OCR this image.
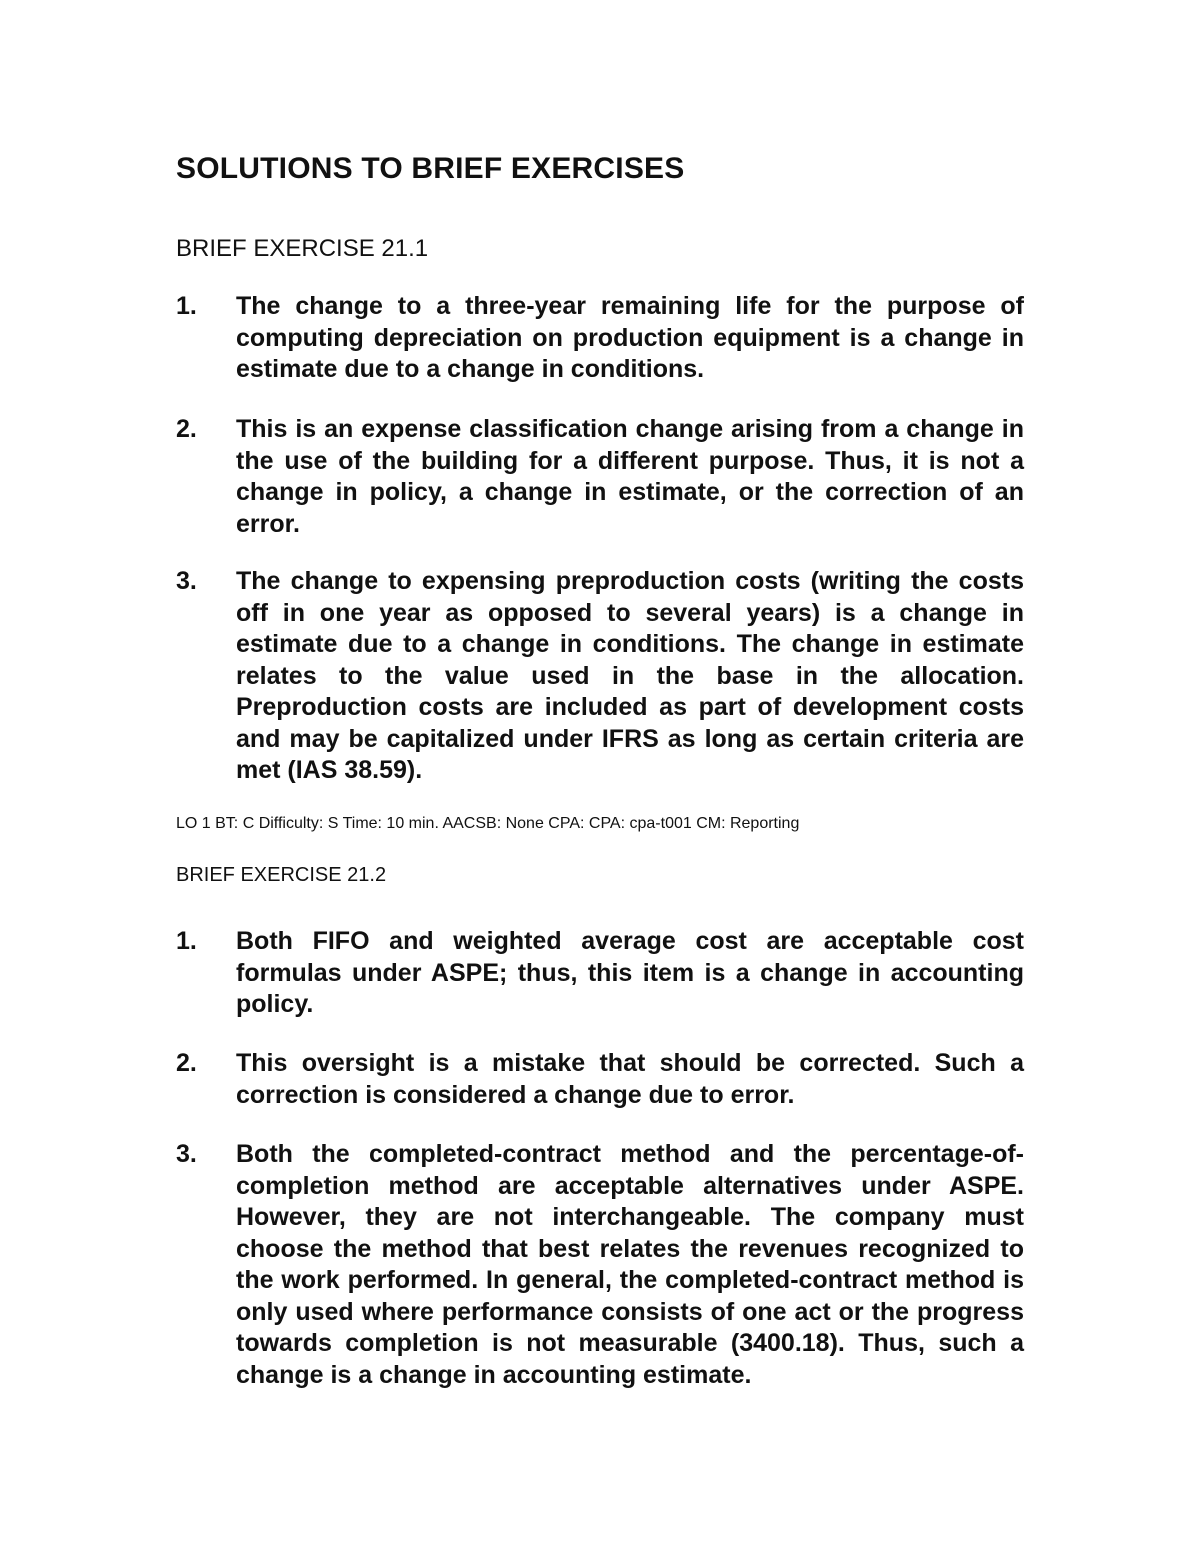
SOLUTIONS TO BRIEF EXERCISES
BRIEF EXERCISE 21.1
1.	The change to a three-year remaining life for the purpose of computing depreciation on production equipment is a change in estimate due to a change in conditions.

2.	This is an expense classification change arising from a change in the use of the building for a different purpose. Thus, it is not a change in policy, a change in estimate, or the correction of an error.

3.	The change to expensing preproduction costs (writing the costs off in one year as opposed to several years) is a change in estimate due to a change in conditions. The change in estimate relates to the value used in the base in the allocation. Preproduction costs are included as part of development costs and may be capitalized under IFRS as long as certain criteria are met (IAS 38.59).

LO 1 BT: C Difficulty: S Time: 10 min. AACSB: None CPA: CPA: cpa-t001 CM: Reporting

BRIEF EXERCISE 21.2
1.	Both FIFO and weighted average cost are acceptable cost formulas under ASPE; thus, this item is a change in accounting policy.

2.	This oversight is a mistake that should be corrected. Such a correction is considered a change due to error.

3.	Both the completed-contract method and the percentage-of-completion method are acceptable alternatives under ASPE. However, they are not interchangeable. The company must choose the method that best relates the revenues recognized to the work performed. In general, the completed-contract method is only used where performance consists of one act or the progress towards completion is not measurable (3400.18). Thus, such a change is a change in accounting estimate.
